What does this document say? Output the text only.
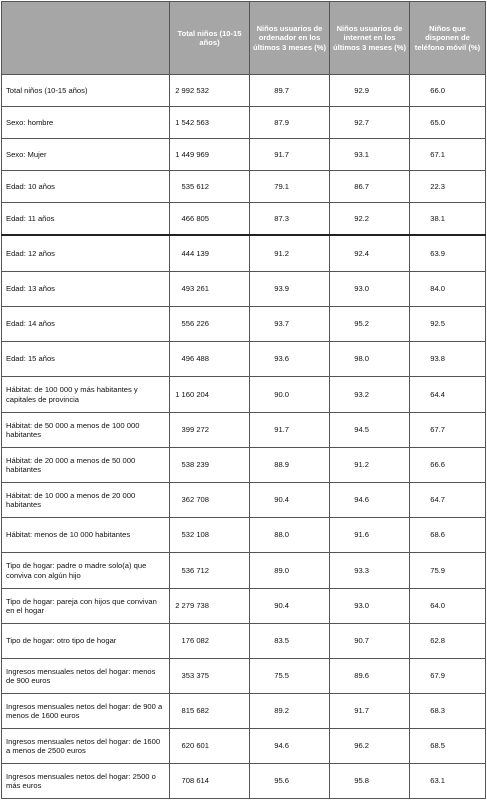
	Total niños (10-15 años)	Niños usuarios de ordenador en los últimos 3 meses (%)	Niños usuarios de internet en los últimos 3 meses (%)	Niños que disponen de teléfono móvil (%)
Total niños (10-15 años)	2 992 532	89.7	92.9	66.0
Sexo: hombre	1 542 563	87.9	92.7	65.0
Sexo: Mujer	1 449 969	91.7	93.1	67.1
Edad: 10 años	535 612	79.1	86.7	22.3
Edad: 11 años	466 805	87.3	92.2	38.1
Edad: 12 años	444 139	91.2	92.4	63.9
Edad: 13 años	493 261	93.9	93.0	84.0
Edad: 14 años	556 226	93.7	95.2	92.5
Edad: 15 años	496 488	93.6	98.0	93.8
Hábitat: de 100 000 y más habitantes y capitales de provincia	1 160 204	90.0	93.2	64.4
Hábitat: de 50 000 a menos de 100 000 habitantes	399 272	91.7	94.5	67.7
Hábitat: de 20 000 a menos de 50 000 habitantes	538 239	88.9	91.2	66.6
Hábitat: de 10 000 a menos de 20 000 habitantes	362 708	90.4	94.6	64.7
Hábitat: menos de 10 000 habitantes	532 108	88.0	91.6	68.6
Tipo de hogar: padre o madre solo(a) que conviva con algún hijo	536 712	89.0	93.3	75.9
Tipo de hogar: pareja con hijos que convivan en el hogar	2 279 738	90.4	93.0	64.0
Tipo de hogar: otro tipo de hogar	176 082	83.5	90.7	62.8
Ingresos mensuales netos del hogar: menos de 900 euros	353 375	75.5	89.6	67.9
Ingresos mensuales netos del hogar: de 900 a menos de 1600 euros	815 682	89.2	91.7	68.3
Ingresos mensuales netos del hogar: de 1600 a menos de 2500 euros	620 601	94.6	96.2	68.5
Ingresos mensuales netos del hogar: 2500 o más euros	708 614	95.6	95.8	63.1
